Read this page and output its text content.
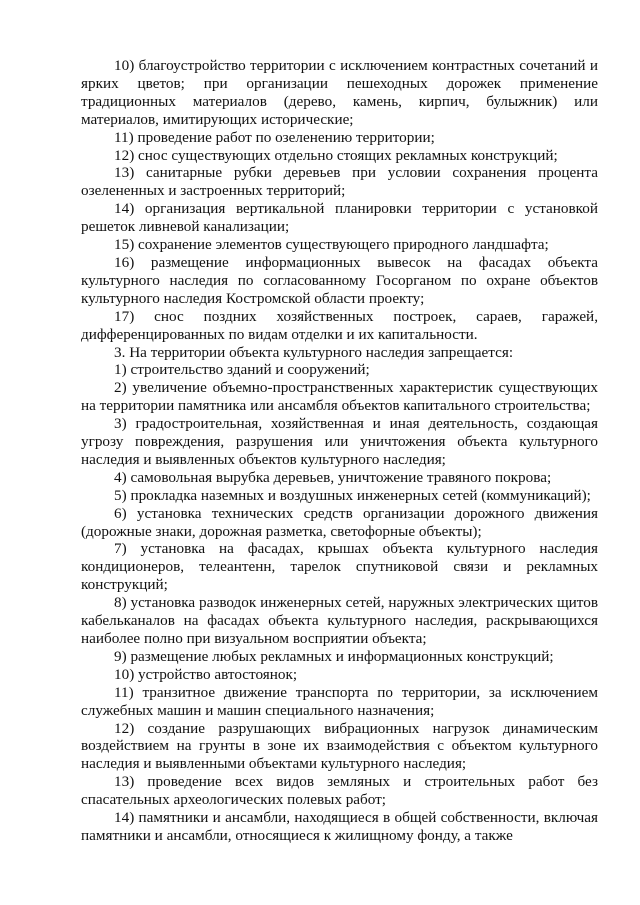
10) благоустройство территории с исключением контрастных сочетаний и ярких цветов; при организации пешеходных дорожек применение традиционных материалов (дерево, камень, кирпич, булыжник) или материалов, имитирующих исторические;

11) проведение работ по озеленению территории;

12) снос существующих отдельно стоящих рекламных конструкций;

13) санитарные рубки деревьев при условии сохранения процента озелененных и застроенных территорий;

14) организация вертикальной планировки территории с установкой решеток ливневой канализации;

15) сохранение элементов существующего природного ландшафта;

16) размещение информационных вывесок на фасадах объекта культурного наследия по согласованному Госорганом по охране объектов культурного наследия Костромской области проекту;

17) снос поздних хозяйственных построек, сараев, гаражей, дифференцированных по видам отделки и их капитальности.

3. На территории объекта культурного наследия запрещается:

1) строительство зданий и сооружений;

2) увеличение объемно-пространственных характеристик существующих на территории памятника или ансамбля объектов капитального строительства;

3) градостроительная, хозяйственная и иная деятельность, создающая угрозу повреждения, разрушения или уничтожения объекта культурного наследия и выявленных объектов культурного наследия;

4) самовольная вырубка деревьев, уничтожение травяного покрова;

5) прокладка наземных и воздушных инженерных сетей (коммуникаций);

6) установка технических средств организации дорожного движения (дорожные знаки, дорожная разметка, светофорные объекты);

7) установка на фасадах, крышах объекта культурного наследия кондиционеров, телеантенн, тарелок спутниковой связи и рекламных конструкций;

8) установка разводок инженерных сетей, наружных электрических щитов кабельканалов на фасадах объекта культурного наследия, раскрывающихся наиболее полно при визуальном восприятии объекта;

9) размещение любых рекламных и информационных конструкций;

10) устройство автостоянок;

11) транзитное движение транспорта по территории, за исключением служебных машин и машин специального назначения;

12) создание разрушающих вибрационных нагрузок динамическим воздействием на грунты в зоне их взаимодействия с объектом культурного наследия и выявленными объектами культурного наследия;

13) проведение всех видов земляных и строительных работ без спасательных археологических полевых работ;

14) памятники и ансамбли, находящиеся в общей собственности, включая памятники и ансамбли, относящиеся к жилищному фонду, а также
